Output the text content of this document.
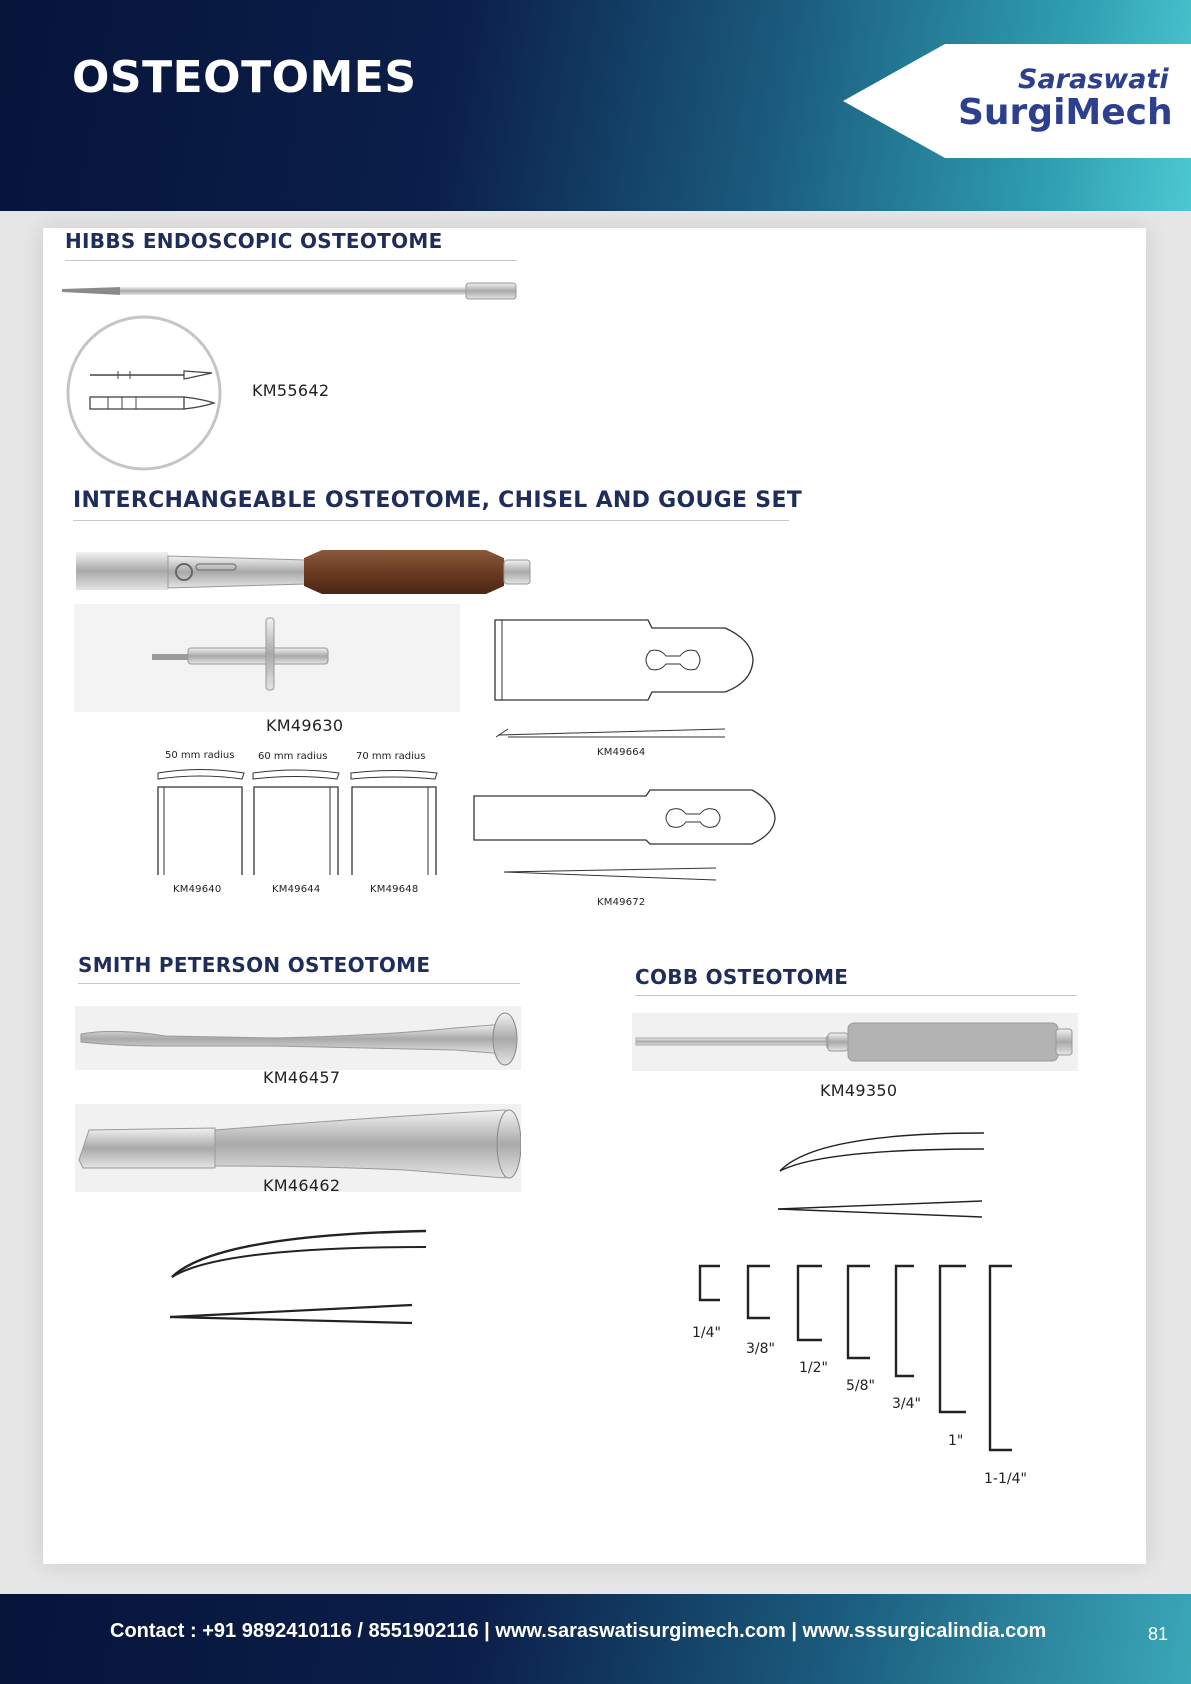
OSTEOTOMES	Saraswati
SurgiMech
HIBBS ENDOSCOPIC OSTEOTOME
KM55642
INTERCHANGEABLE OSTEOTOME, CHISEL AND GOUGE SET
KM49630
KM49664
50 mm radius 60 mm radius	70 mm radius
KM49640	KM49644	KM49648
KM49672
SMITH PETERSON OSTEOTOME
KM46457
KM46462
COBB OSTEOTOME
KM49350
1/4"
3/8"
1/2"
5/8"
3/4"
1"
1-1/4"
Contact : +91 9892410116 / 8551902116 | www.saraswatisurgimech.com | www.sssurgicalindia.com	81
